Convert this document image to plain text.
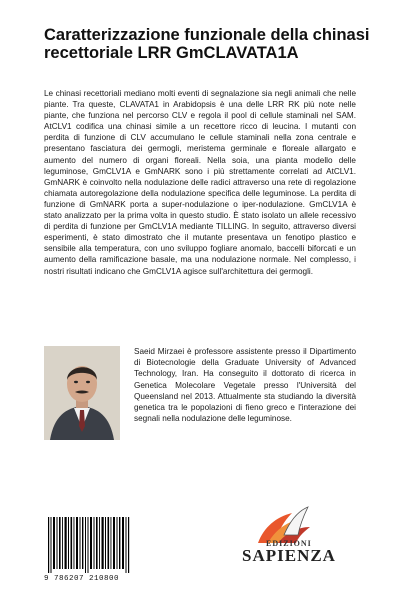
Caratterizzazione funzionale della chinasi recettoriale LRR GmCLAVATA1A

Le chinasi recettoriali mediano molti eventi di segnalazione sia negli animali che nelle piante. Tra queste, CLAVATA1 in Arabidopsis è una delle LRR RK più note nelle piante, che funziona nel percorso CLV e regola il pool di cellule staminali nel SAM. AtCLV1 codifica una chinasi simile a un recettore ricco di leucina. I mutanti con perdita di funzione di CLV accumulano le cellule staminali nella zona centrale e presentano fasciatura dei germogli, meristema germinale e floreale allargato e aumento del numero di organi floreali. Nella soia, una pianta modello delle leguminose, GmCLV1A e GmNARK sono i più strettamente correlati ad AtCLV1. GmNARK è coinvolto nella nodulazione delle radici attraverso una rete di regolazione chiamata autoregolazione della nodulazione specifica delle leguminose. La perdita di funzione di GmNARK porta a super-nodulazione o iper-nodulazione. GmCLV1A è stato analizzato per la prima volta in questo studio. È stato isolato un allele recessivo di perdita di funzione per GmCLV1A mediante TILLING. In seguito, attraverso diversi esperimenti, è stato dimostrato che il mutante presentava un fenotipo plastico e sensibile alla temperatura, con uno sviluppo fogliare anomalo, baccelli biforcati e un aumento della ramificazione basale, ma una nodulazione normale. Nel complesso, i nostri risultati indicano che GmCLV1A agisce sull'architettura dei germogli.

Saeid Mirzaei è professore assistente presso il Dipartimento di Biotecnologie della Graduate University of Advanced Technology, Iran. Ha conseguito il dottorato di ricerca in Genetica Molecolare Vegetale presso l'Università del Queensland nel 2013. Attualmente sta studiando la diversità genetica tra le popolazioni di fieno greco e l'interazione dei segnali nella nodulazione delle leguminose.

EDIZIONI
SAPIENZA
9 786207 210800
